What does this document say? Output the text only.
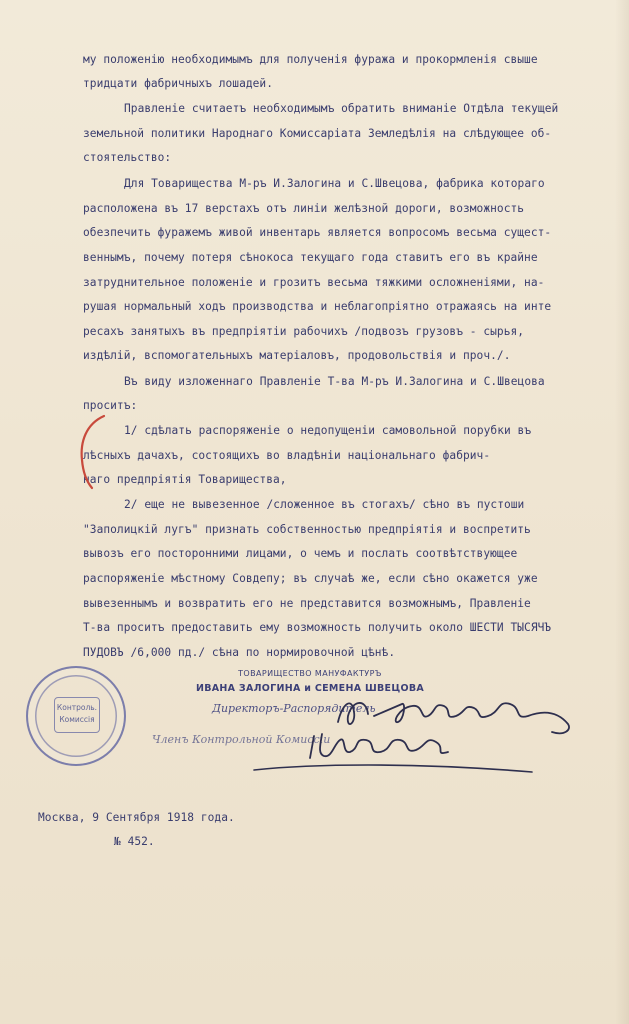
му положенію необходимымъ для полученія фуража и прокормленія свыше
тридцати фабричныхъ лошадей.
Правленіе считаетъ необходимымъ обратить вниманіе Отдѣла текущей
земельной политики Народнаго Комиссаріата Земледѣлія на слѣдующее об-
стоятельство:
Для Товарищества М-ръ И.Залогина и С.Швецова, фабрика котораго
расположена въ 17 верстахъ отъ линіи желѣзной дороги, возможность
обезпечить фуражемъ живой инвентарь является вопросомъ весьма сущест-
веннымъ, почему потеря сѣнокоса текущаго года ставитъ его въ крайне
затруднительное положеніе и грозитъ весьма тяжкими осложненіями, на-
рушая нормальный ходъ производства и неблагопріятно отражаясь на инте
ресахъ занятыхъ въ предпріятіи рабочихъ /подвозъ грузовъ - сырья,
издѣлій, вспомогательныхъ матеріаловъ, продовольствія и проч./.
Въ виду изложеннаго Правленіе Т-ва М-ръ И.Залогина и С.Швецова
проситъ:
1/ сдѣлать распоряженіе о недопущеніи самовольной порубки въ
лѣсныхъ дачахъ, состоящихъ во владѣніи національнаго фабрич-
наго предпріятія Товарищества,
2/ еще не вывезенное /сложенное въ стогахъ/ сѣно въ пустоши
"Заполицкій лугъ" признать собственностью предпріятія и воспретить
вывозъ его посторонними лицами, о чемъ и послать соотвѣтствующее
распоряженіе мѣстному Совдепу; въ случаѣ же, если сѣно окажется уже
вывезеннымъ и возвратить его не представится возможнымъ, Правленіе
Т-ва проситъ предоставить ему возможность получить около ШЕСТИ ТЫСЯЧЪ
ПУДОВЪ /6,000 пд./ сѣна по нормировочной цѣнѣ.
Контроль.
Комиссія
ТОВАРИЩЕСТВО МАНУФАКТУРЪ
ИВАНА ЗАЛОГИНА и СЕМЕНА ШВЕЦОВА
Директоръ-Распорядитель
Членъ Контрольной Комиссіи
Москва, 9 Сентября 1918 года.
№ 452.
